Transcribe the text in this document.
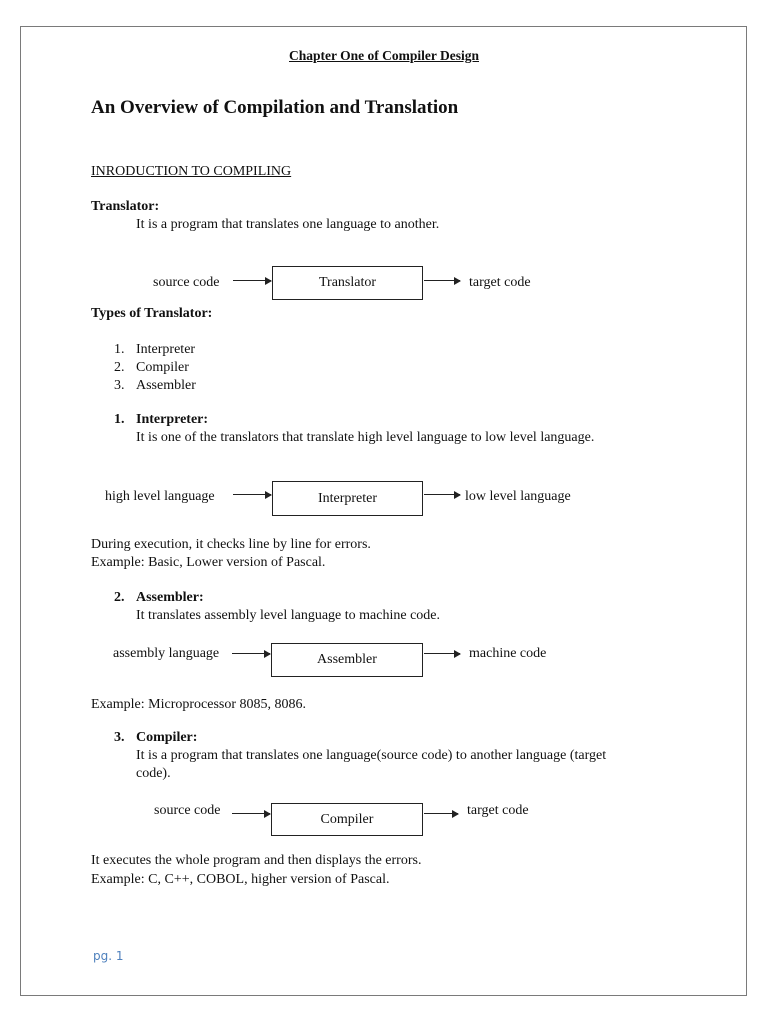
Chapter One of Compiler Design
An Overview of Compilation and Translation
INRODUCTION TO COMPILING
Translator:
It is a program that translates one language to another.
source code	Translator	target code
Types of Translator:
1. Interpreter
2. Compiler
3. Assembler
1. Interpreter:
It is one of the translators that translate high level language to low level language.
high level language	Interpreter	low level language
During execution, it checks line by line for errors.
Example: Basic, Lower version of Pascal.
2. Assembler:
It translates assembly level language to machine code.
assembly language	Assembler	machine code
Example: Microprocessor 8085, 8086.
3. Compiler:
It is a program that translates one language(source code) to another language (target
code).
source code
Compiler
target code
It executes the whole program and then displays the errors.
Example: C, C++, COBOL, higher version of Pascal.
pg. 1
